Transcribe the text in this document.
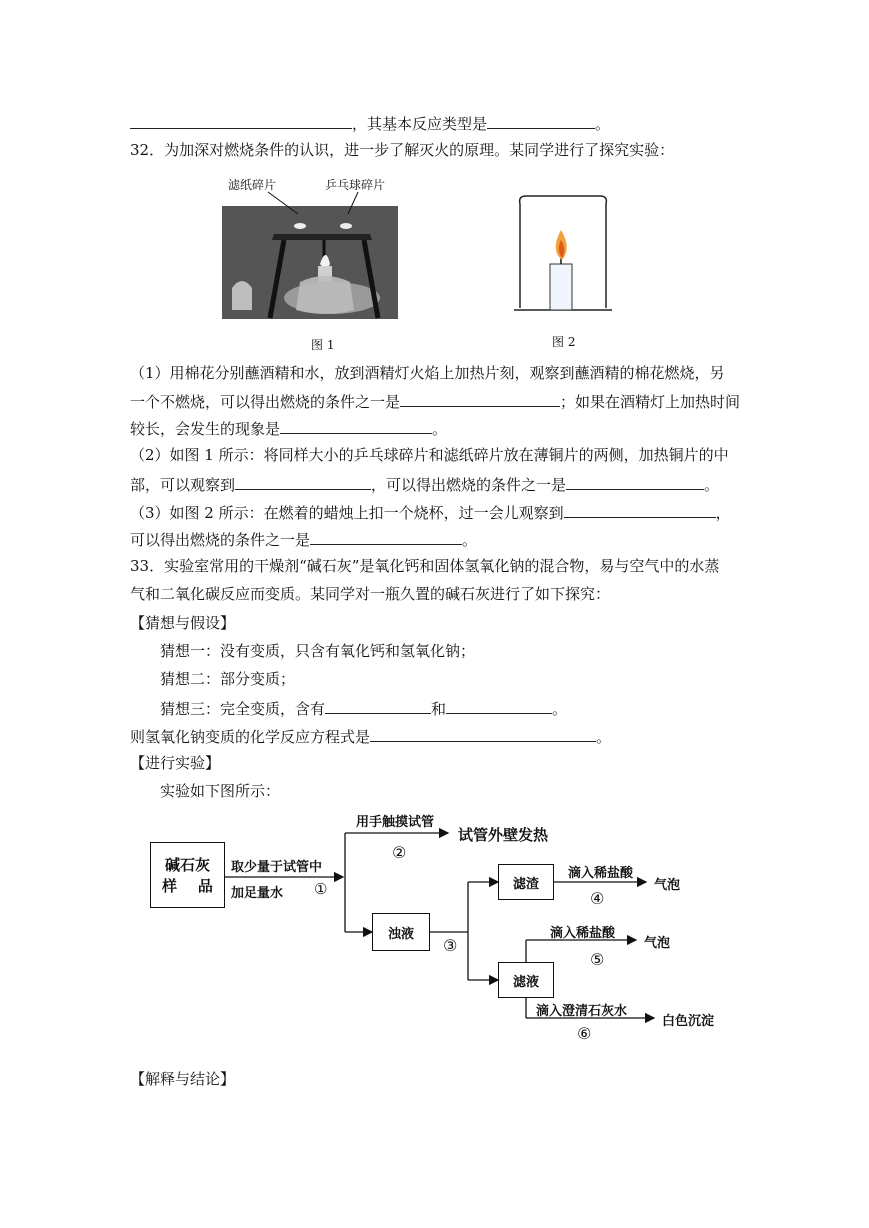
，其基本反应类型是	。
32．为加深对燃烧条件的认识，进一步了解灭火的原理。某同学进行了探究实验：
滤纸碎片	乒乓球碎片
图 1	图 2
（1）用棉花分别蘸酒精和水，放到酒精灯火焰上加热片刻，观察到蘸酒精的棉花燃烧，另
一个不燃烧，可以得出燃烧的条件之一是	；如果在酒精灯上加热时间
较长，会发生的现象是	。
（2）如图 1 所示：将同样大小的乒乓球碎片和滤纸碎片放在薄铜片的两侧，加热铜片的中
部，可以观察到	，可以得出燃烧的条件之一是	。
（3）如图 2 所示：在燃着的蜡烛上扣一个烧杯，过一会儿观察到	，
可以得出燃烧的条件之一是	。
33．实验室常用的干燥剂“碱石灰”是氧化钙和固体氢氧化钠的混合物，易与空气中的水蒸
气和二氧化碳反应而变质。某同学对一瓶久置的碱石灰进行了如下探究：
【猜想与假设】
猜想一：没有变质，只含有氧化钙和氢氧化钠；
猜想二：部分变质；
猜想三：完全变质，含有	和	。
则氢氧化钠变质的化学反应方程式是	。
【进行实验】
实验如下图所示：
碱石灰
样    品
浊液
滤渣
滤液
取少量于试管中
加足量水 ①
用手触摸试管
②
试管外壁发热
③
滴入稀盐酸
④
气泡
滴入稀盐酸
⑤
气泡
滴入澄清石灰水
⑥
白色沉淀
【解释与结论】
